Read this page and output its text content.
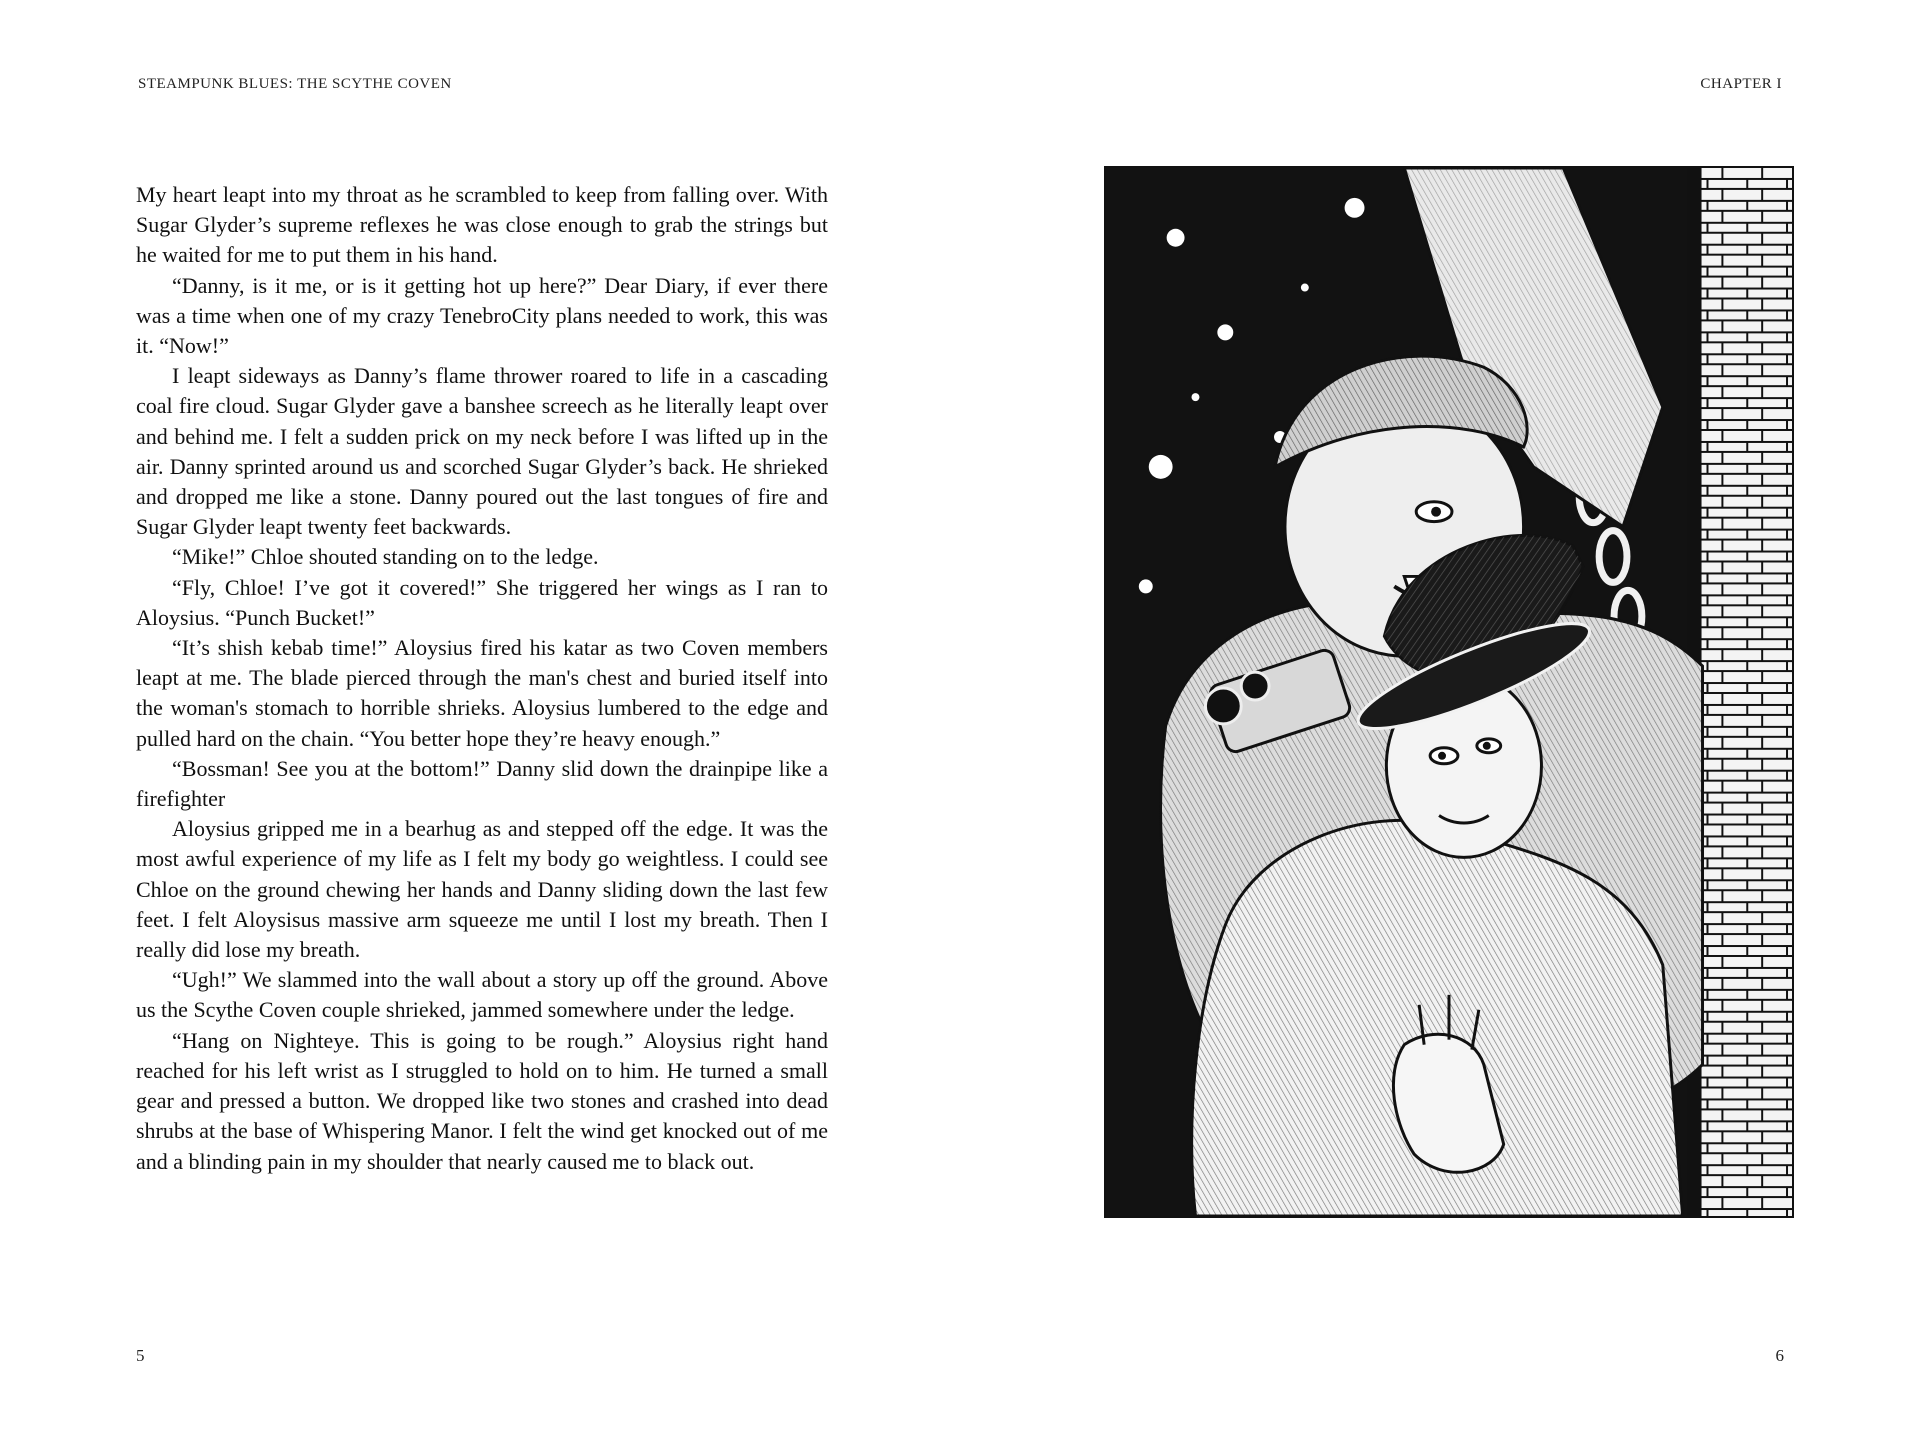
STEAMPUNK BLUES: THE SCYTHE COVEN	CHAPTER I

My heart leapt into my throat as he scrambled to keep from falling over. With Sugar Glyder’s supreme reflexes he was close enough to grab the strings but he waited for me to put them in his hand.

“Danny, is it me, or is it getting hot up here?” Dear Diary, if ever there was a time when one of my crazy TenebroCity plans needed to work, this was it. “Now!”

I leapt sideways as Danny’s flame thrower roared to life in a cascading coal fire cloud. Sugar Glyder gave a banshee screech as he literally leapt over and behind me. I felt a sudden prick on my neck before I was lifted up in the air. Danny sprinted around us and scorched Sugar Glyder’s back. He shrieked and dropped me like a stone. Danny poured out the last tongues of fire and Sugar Glyder leapt twenty feet backwards.

“Mike!” Chloe shouted standing on to the ledge.

“Fly, Chloe! I’ve got it covered!” She triggered her wings as I ran to Aloysius. “Punch Bucket!”

“It’s shish kebab time!” Aloysius fired his katar as two Coven members leapt at me. The blade pierced through the man's chest and buried itself into the woman's stomach to horrible shrieks. Aloysius lumbered to the edge and pulled hard on the chain. “You better hope they’re heavy enough.”

“Bossman! See you at the bottom!” Danny slid down the drainpipe like a firefighter

Aloysius gripped me in a bearhug as and stepped off the edge. It was the most awful experience of my life as I felt my body go weightless. I could see Chloe on the ground chewing her hands and Danny sliding down the last few feet. I felt Aloysisus massive arm squeeze me until I lost my breath. Then I really did lose my breath.

“Ugh!” We slammed into the wall about a story up off the ground. Above us the Scythe Coven couple shrieked, jammed somewhere under the ledge.

“Hang on Nighteye. This is going to be rough.” Aloysius right hand reached for his left wrist as I struggled to hold on to him. He turned a small gear and pressed a button. We dropped like two stones and crashed into dead shrubs at the base of Whispering Manor. I felt the wind get knocked out of me and a blinding pain in my shoulder that nearly caused me to black out.

5	6
